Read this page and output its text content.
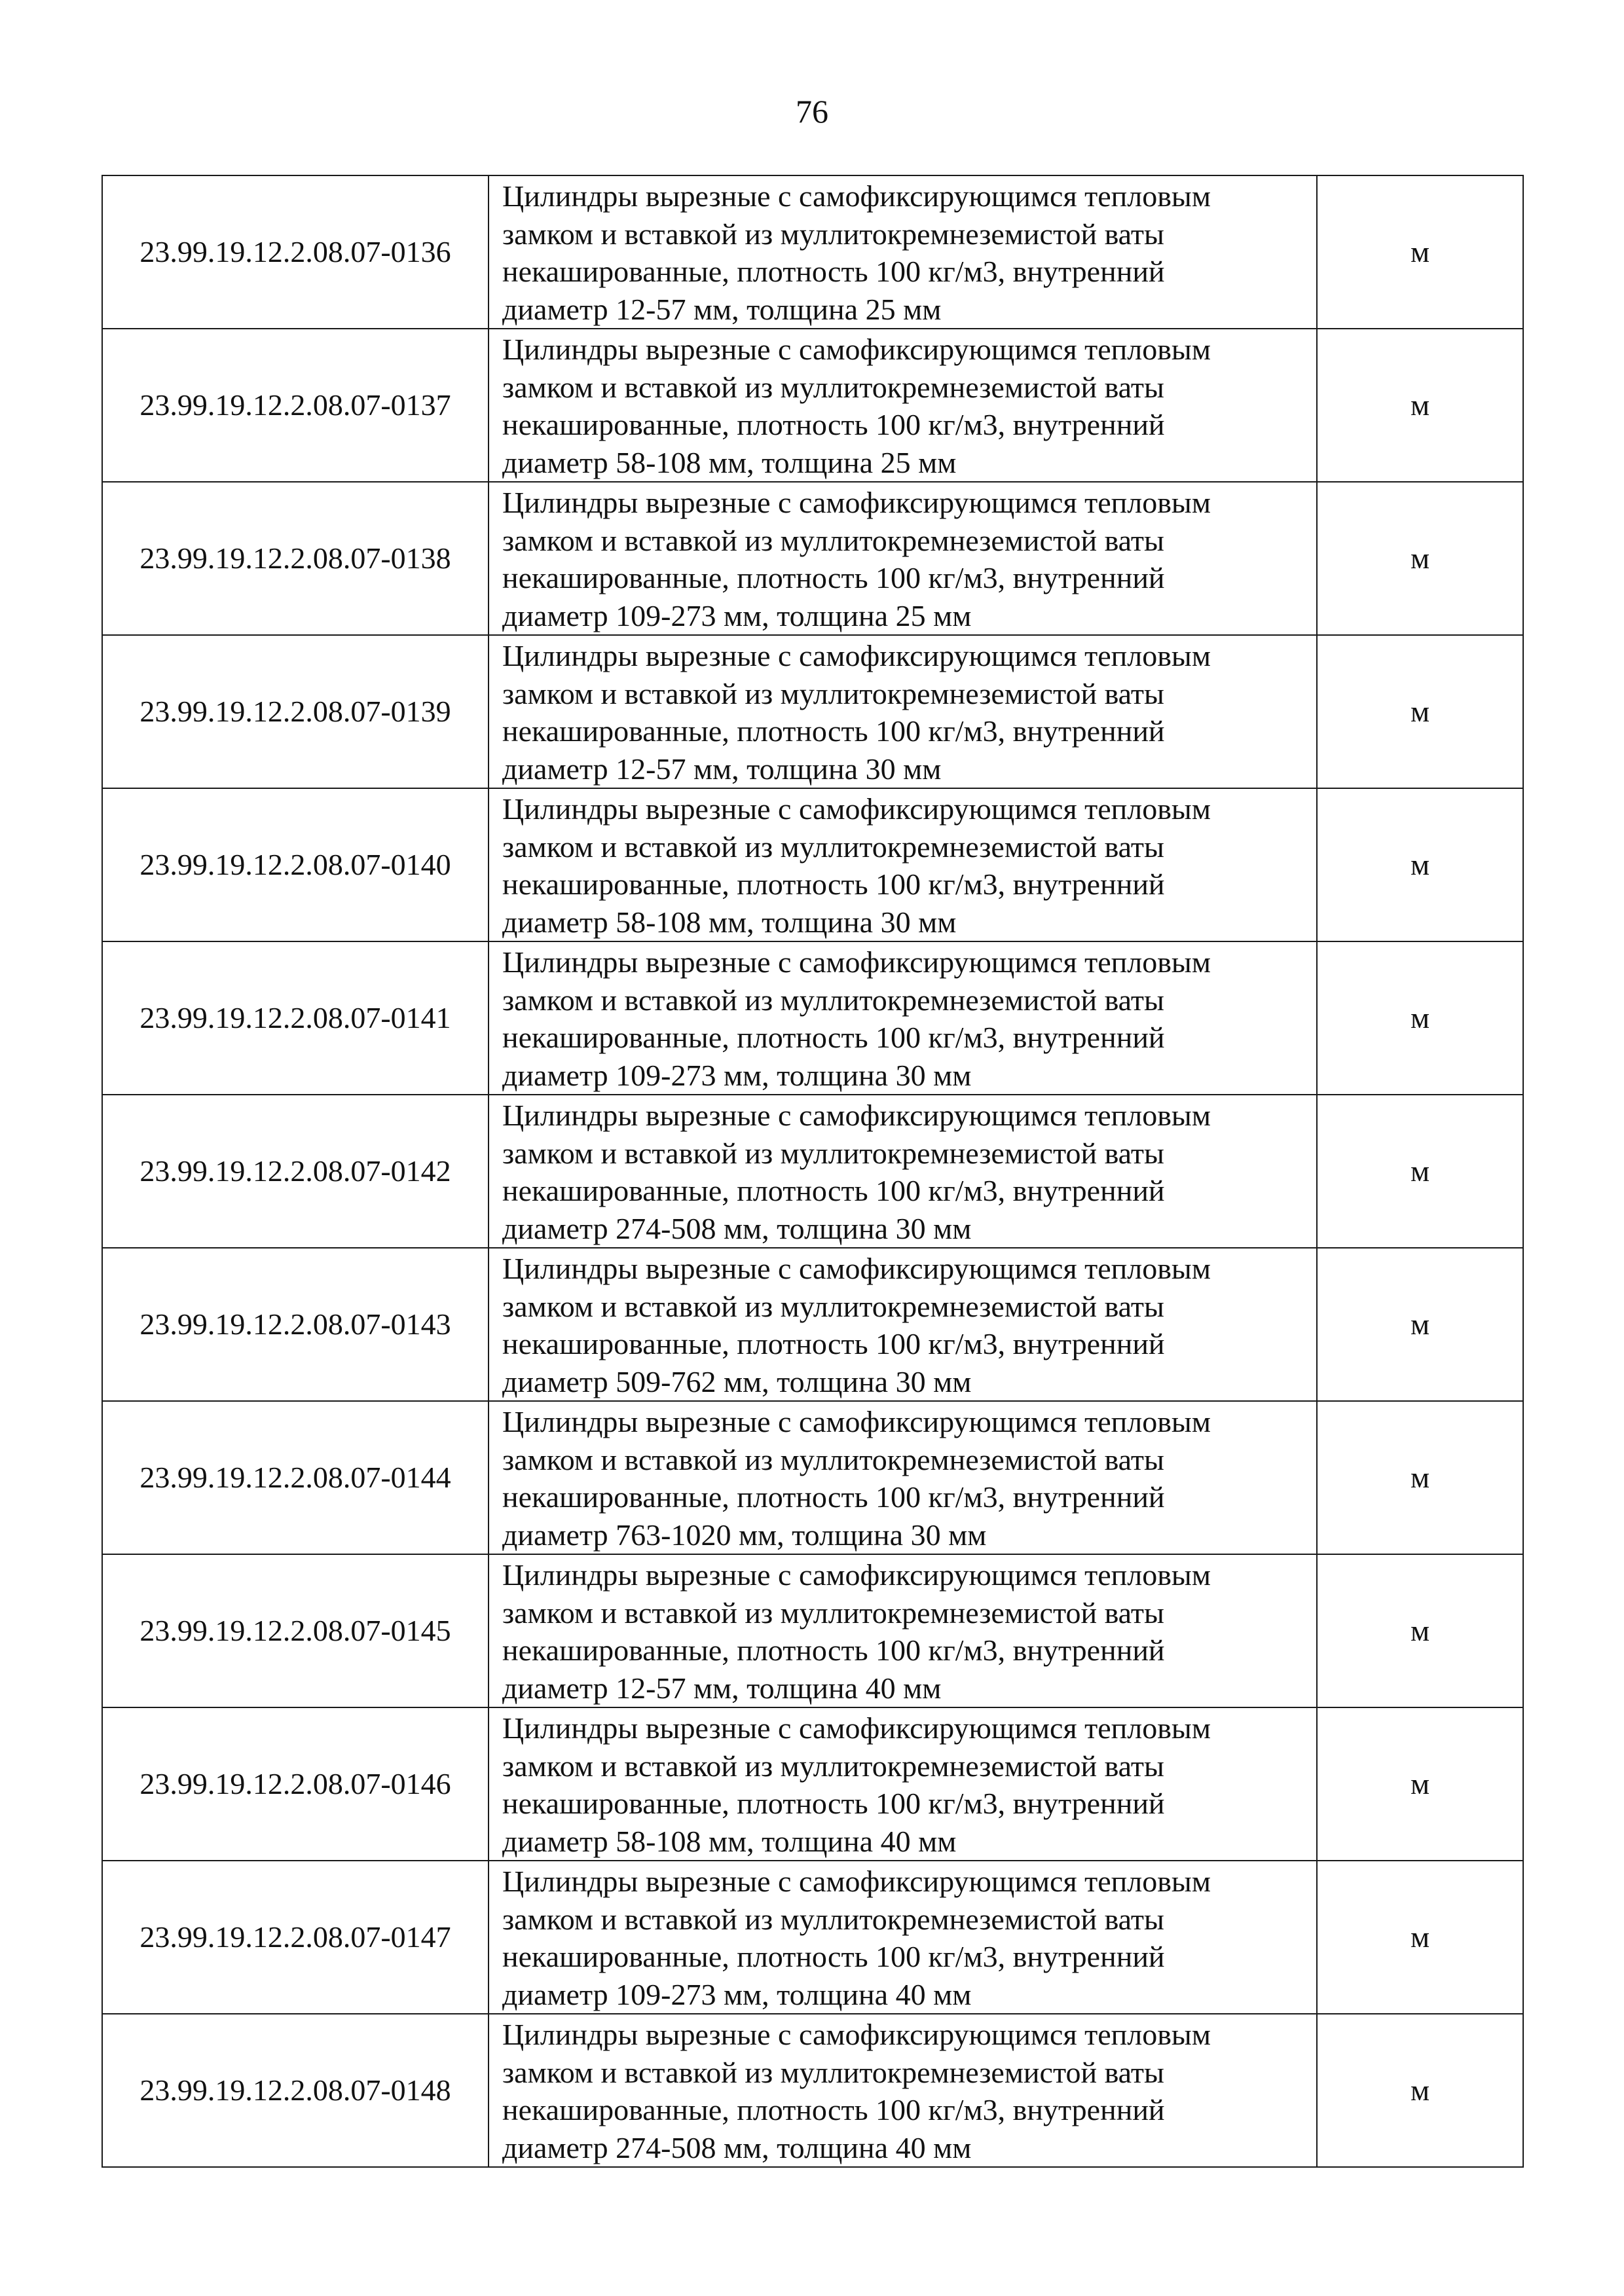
76
23.99.19.12.2.08.07-0136	Цилиндры вырезные с самофиксирующимся тепловым
замком и вставкой из муллитокремнеземистой ваты
некашированные, плотность 100 кг/м3, внутренний
диаметр 12-57 мм, толщина 25 мм	м
23.99.19.12.2.08.07-0137	Цилиндры вырезные с самофиксирующимся тепловым
замком и вставкой из муллитокремнеземистой ваты
некашированные, плотность 100 кг/м3, внутренний
диаметр 58-108 мм, толщина 25 мм	м
23.99.19.12.2.08.07-0138	Цилиндры вырезные с самофиксирующимся тепловым
замком и вставкой из муллитокремнеземистой ваты
некашированные, плотность 100 кг/м3, внутренний
диаметр 109-273 мм, толщина 25 мм	м
23.99.19.12.2.08.07-0139	Цилиндры вырезные с самофиксирующимся тепловым
замком и вставкой из муллитокремнеземистой ваты
некашированные, плотность 100 кг/м3, внутренний
диаметр 12-57 мм, толщина 30 мм	м
23.99.19.12.2.08.07-0140	Цилиндры вырезные с самофиксирующимся тепловым
замком и вставкой из муллитокремнеземистой ваты
некашированные, плотность 100 кг/м3, внутренний
диаметр 58-108 мм, толщина 30 мм	м
23.99.19.12.2.08.07-0141	Цилиндры вырезные с самофиксирующимся тепловым
замком и вставкой из муллитокремнеземистой ваты
некашированные, плотность 100 кг/м3, внутренний
диаметр 109-273 мм, толщина 30 мм	м
23.99.19.12.2.08.07-0142	Цилиндры вырезные с самофиксирующимся тепловым
замком и вставкой из муллитокремнеземистой ваты
некашированные, плотность 100 кг/м3, внутренний
диаметр 274-508 мм, толщина 30 мм	м
23.99.19.12.2.08.07-0143	Цилиндры вырезные с самофиксирующимся тепловым
замком и вставкой из муллитокремнеземистой ваты
некашированные, плотность 100 кг/м3, внутренний
диаметр 509-762 мм, толщина 30 мм	м
23.99.19.12.2.08.07-0144	Цилиндры вырезные с самофиксирующимся тепловым
замком и вставкой из муллитокремнеземистой ваты
некашированные, плотность 100 кг/м3, внутренний
диаметр 763-1020 мм, толщина 30 мм	м
23.99.19.12.2.08.07-0145	Цилиндры вырезные с самофиксирующимся тепловым
замком и вставкой из муллитокремнеземистой ваты
некашированные, плотность 100 кг/м3, внутренний
диаметр 12-57 мм, толщина 40 мм	м
23.99.19.12.2.08.07-0146	Цилиндры вырезные с самофиксирующимся тепловым
замком и вставкой из муллитокремнеземистой ваты
некашированные, плотность 100 кг/м3, внутренний
диаметр 58-108 мм, толщина 40 мм	м
23.99.19.12.2.08.07-0147	Цилиндры вырезные с самофиксирующимся тепловым
замком и вставкой из муллитокремнеземистой ваты
некашированные, плотность 100 кг/м3, внутренний
диаметр 109-273 мм, толщина 40 мм	м
23.99.19.12.2.08.07-0148	Цилиндры вырезные с самофиксирующимся тепловым
замком и вставкой из муллитокремнеземистой ваты
некашированные, плотность 100 кг/м3, внутренний
диаметр 274-508 мм, толщина 40 мм	м
